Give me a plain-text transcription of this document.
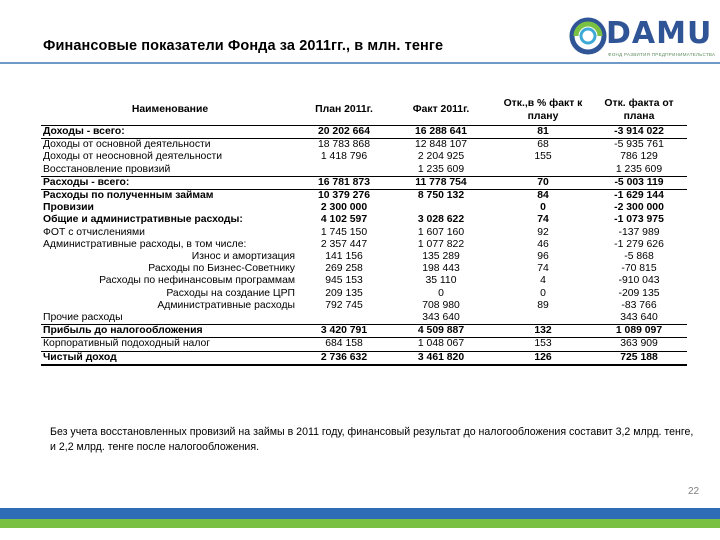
Финансовые показатели Фонда за 2011гг., в млн. тенге	DAMU
ФОНД РАЗВИТИЯ ПРЕДПРИНИМАТЕЛЬСТВА
Наименование	План 2011г.	Факт 2011г.	Отк.,в % факт к плану	Отк. факта от плана
Доходы - всего:	20 202 664	16 288 641	81	-3 914 022
Доходы от основной деятельности	18 783 868	12 848 107	68	-5 935 761
Доходы от неосновной деятельности	1 418 796	2 204 925	155	786 129
Восстановление провизий		1 235 609		1 235 609
Расходы - всего:	16 781 873	11 778 754	70	-5 003 119
Расходы по полученным займам	10 379 276	8 750 132	84	-1 629 144
Провизии	2 300 000		0	-2 300 000
Общие и административные расходы:	4 102 597	3 028 622	74	-1 073 975
ФОТ с отчислениями	1 745 150	1 607 160	92	-137 989
Административные расходы, в том числе:	2 357 447	1 077 822	46	-1 279 626
Износ и амортизация	141 156	135 289	96	-5 868
Расходы по Бизнес-Советнику	269 258	198 443	74	-70 815
Расходы по нефинансовым программам	945 153	35 110	4	-910 043
Расходы на создание ЦРП	209 135	0	0	-209 135
Административные расходы	792 745	708 980	89	-83 766
Прочие расходы		343 640		343 640
Прибыль до налогообложения	3 420 791	4 509 887	132	1 089 097
Корпоративный подоходный налог	684 158	1 048 067	153	363 909
Чистый доход	2 736 632	3 461 820	126	725 188
Без учета восстановленных провизий на займы в 2011 году, финансовый результат до налогообложения составит 3,2 млрд. тенге, и 2,2 млрд. тенге после налогообложения.
22
